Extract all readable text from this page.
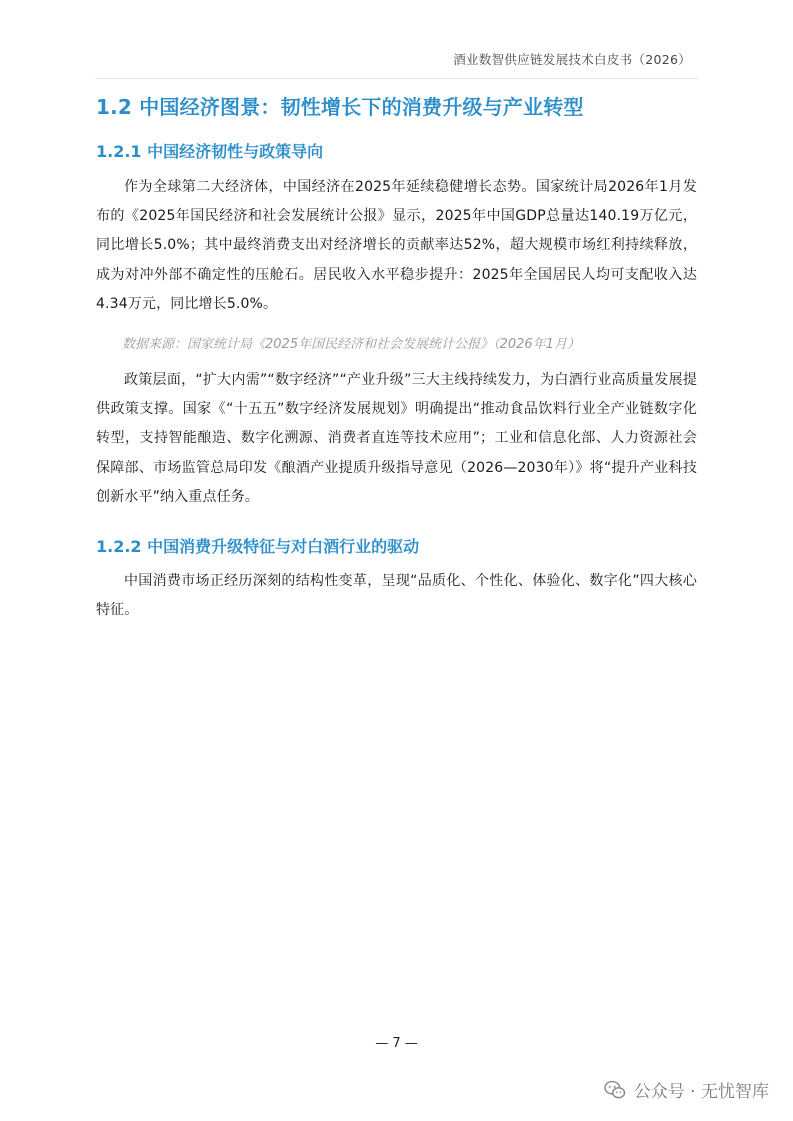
酒业数智供应链发展技术白皮书（2026）
1.2 中国经济图景：韧性增长下的消费升级与产业转型
1.2.1 中国经济韧性与政策导向

作为全球第二大经济体，中国经济在2025年延续稳健增长态势。国家统计局2026年1月发布的《2025年国民经济和社会发展统计公报》显示，2025年中国GDP总量达140.19万亿元，同比增长5.0%；其中最终消费支出对经济增长的贡献率达52%，超大规模市场红利持续释放，成为对冲外部不确定性的压舱石。居民收入水平稳步提升：2025年全国居民人均可支配收入达4.34万元，同比增长5.0%。

数据来源：国家统计局《2025年国民经济和社会发展统计公报》（2026年1月）

政策层面，“扩大内需”“数字经济”“产业升级”三大主线持续发力，为白酒行业高质量发展提供政策支撑。国家《“十五五”数字经济发展规划》明确提出“推动食品饮料行业全产业链数字化转型，支持智能酿造、数字化溯源、消费者直连等技术应用”；工业和信息化部、人力资源社会保障部、市场监管总局印发《酿酒产业提质升级指导意见（2026—2030年）》将“提升产业科技创新水平”纳入重点任务。

1.2.2 中国消费升级特征与对白酒行业的驱动

中国消费市场正经历深刻的结构性变革，呈现“品质化、个性化、体验化、数字化”四大核心特征。

— 7 —
公众号 · 无忧智库
